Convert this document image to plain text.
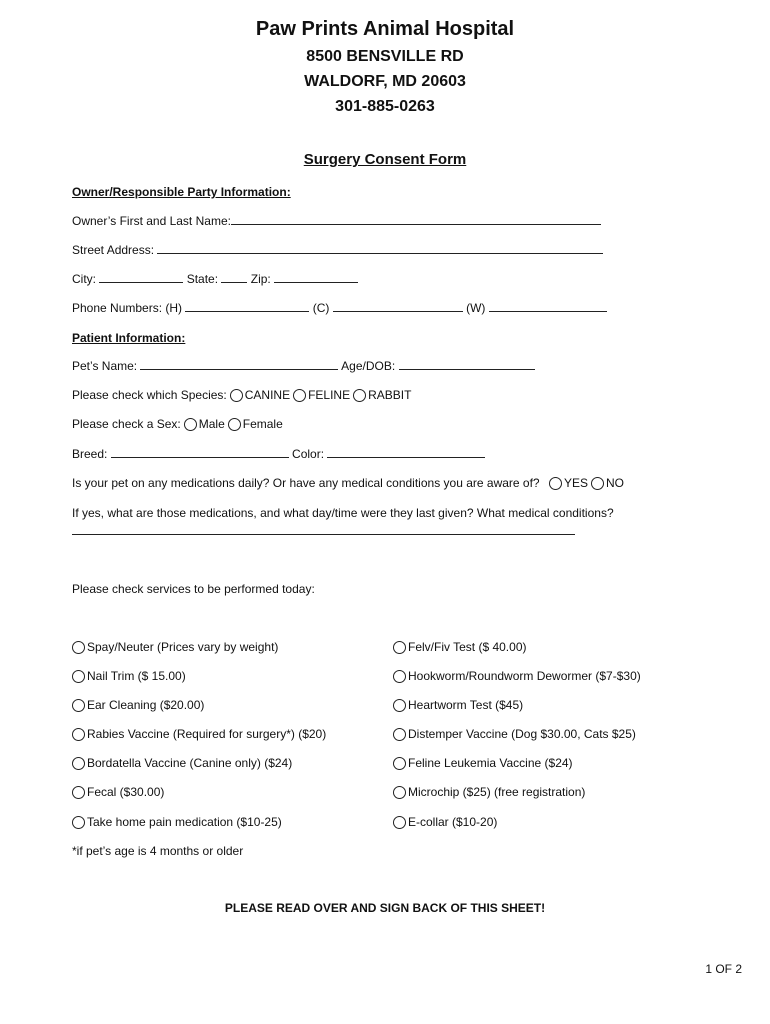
Paw Prints Animal Hospital
8500 BENSVILLE RD
WALDORF, MD 20603
301-885-0263
Surgery Consent Form
Owner/Responsible Party Information:
Owner’s First and Last Name:
Street Address:
City:	State:	Zip:
Phone Numbers: (H)	(C)	(W)
Patient Information:
Pet’s Name:	Age/DOB:
Please check which Species: CANINE FELINE RABBIT
Please check a Sex: Male Female
Breed:	Color:
Is your pet on any medications daily? Or have any medical conditions you are aware of? YES NO
If yes, what are those medications, and what day/time were they last given? What medical conditions?
Please check services to be performed today:
Spay/Neuter (Prices vary by weight)
Nail Trim ($ 15.00)
Ear Cleaning ($20.00)
Rabies Vaccine (Required for surgery*) ($20)
Bordatella Vaccine (Canine only) ($24)
Fecal ($30.00)
Take home pain medication ($10-25)
Felv/Fiv Test ($ 40.00)
Hookworm/Roundworm Dewormer ($7-$30)
Heartworm Test ($45)
Distemper Vaccine (Dog $30.00, Cats $25)
Feline Leukemia Vaccine ($24)
Microchip ($25) (free registration)
E-collar ($10-20)
*if pet’s age is 4 months or older
PLEASE READ OVER AND SIGN BACK OF THIS SHEET!
1 OF 2
